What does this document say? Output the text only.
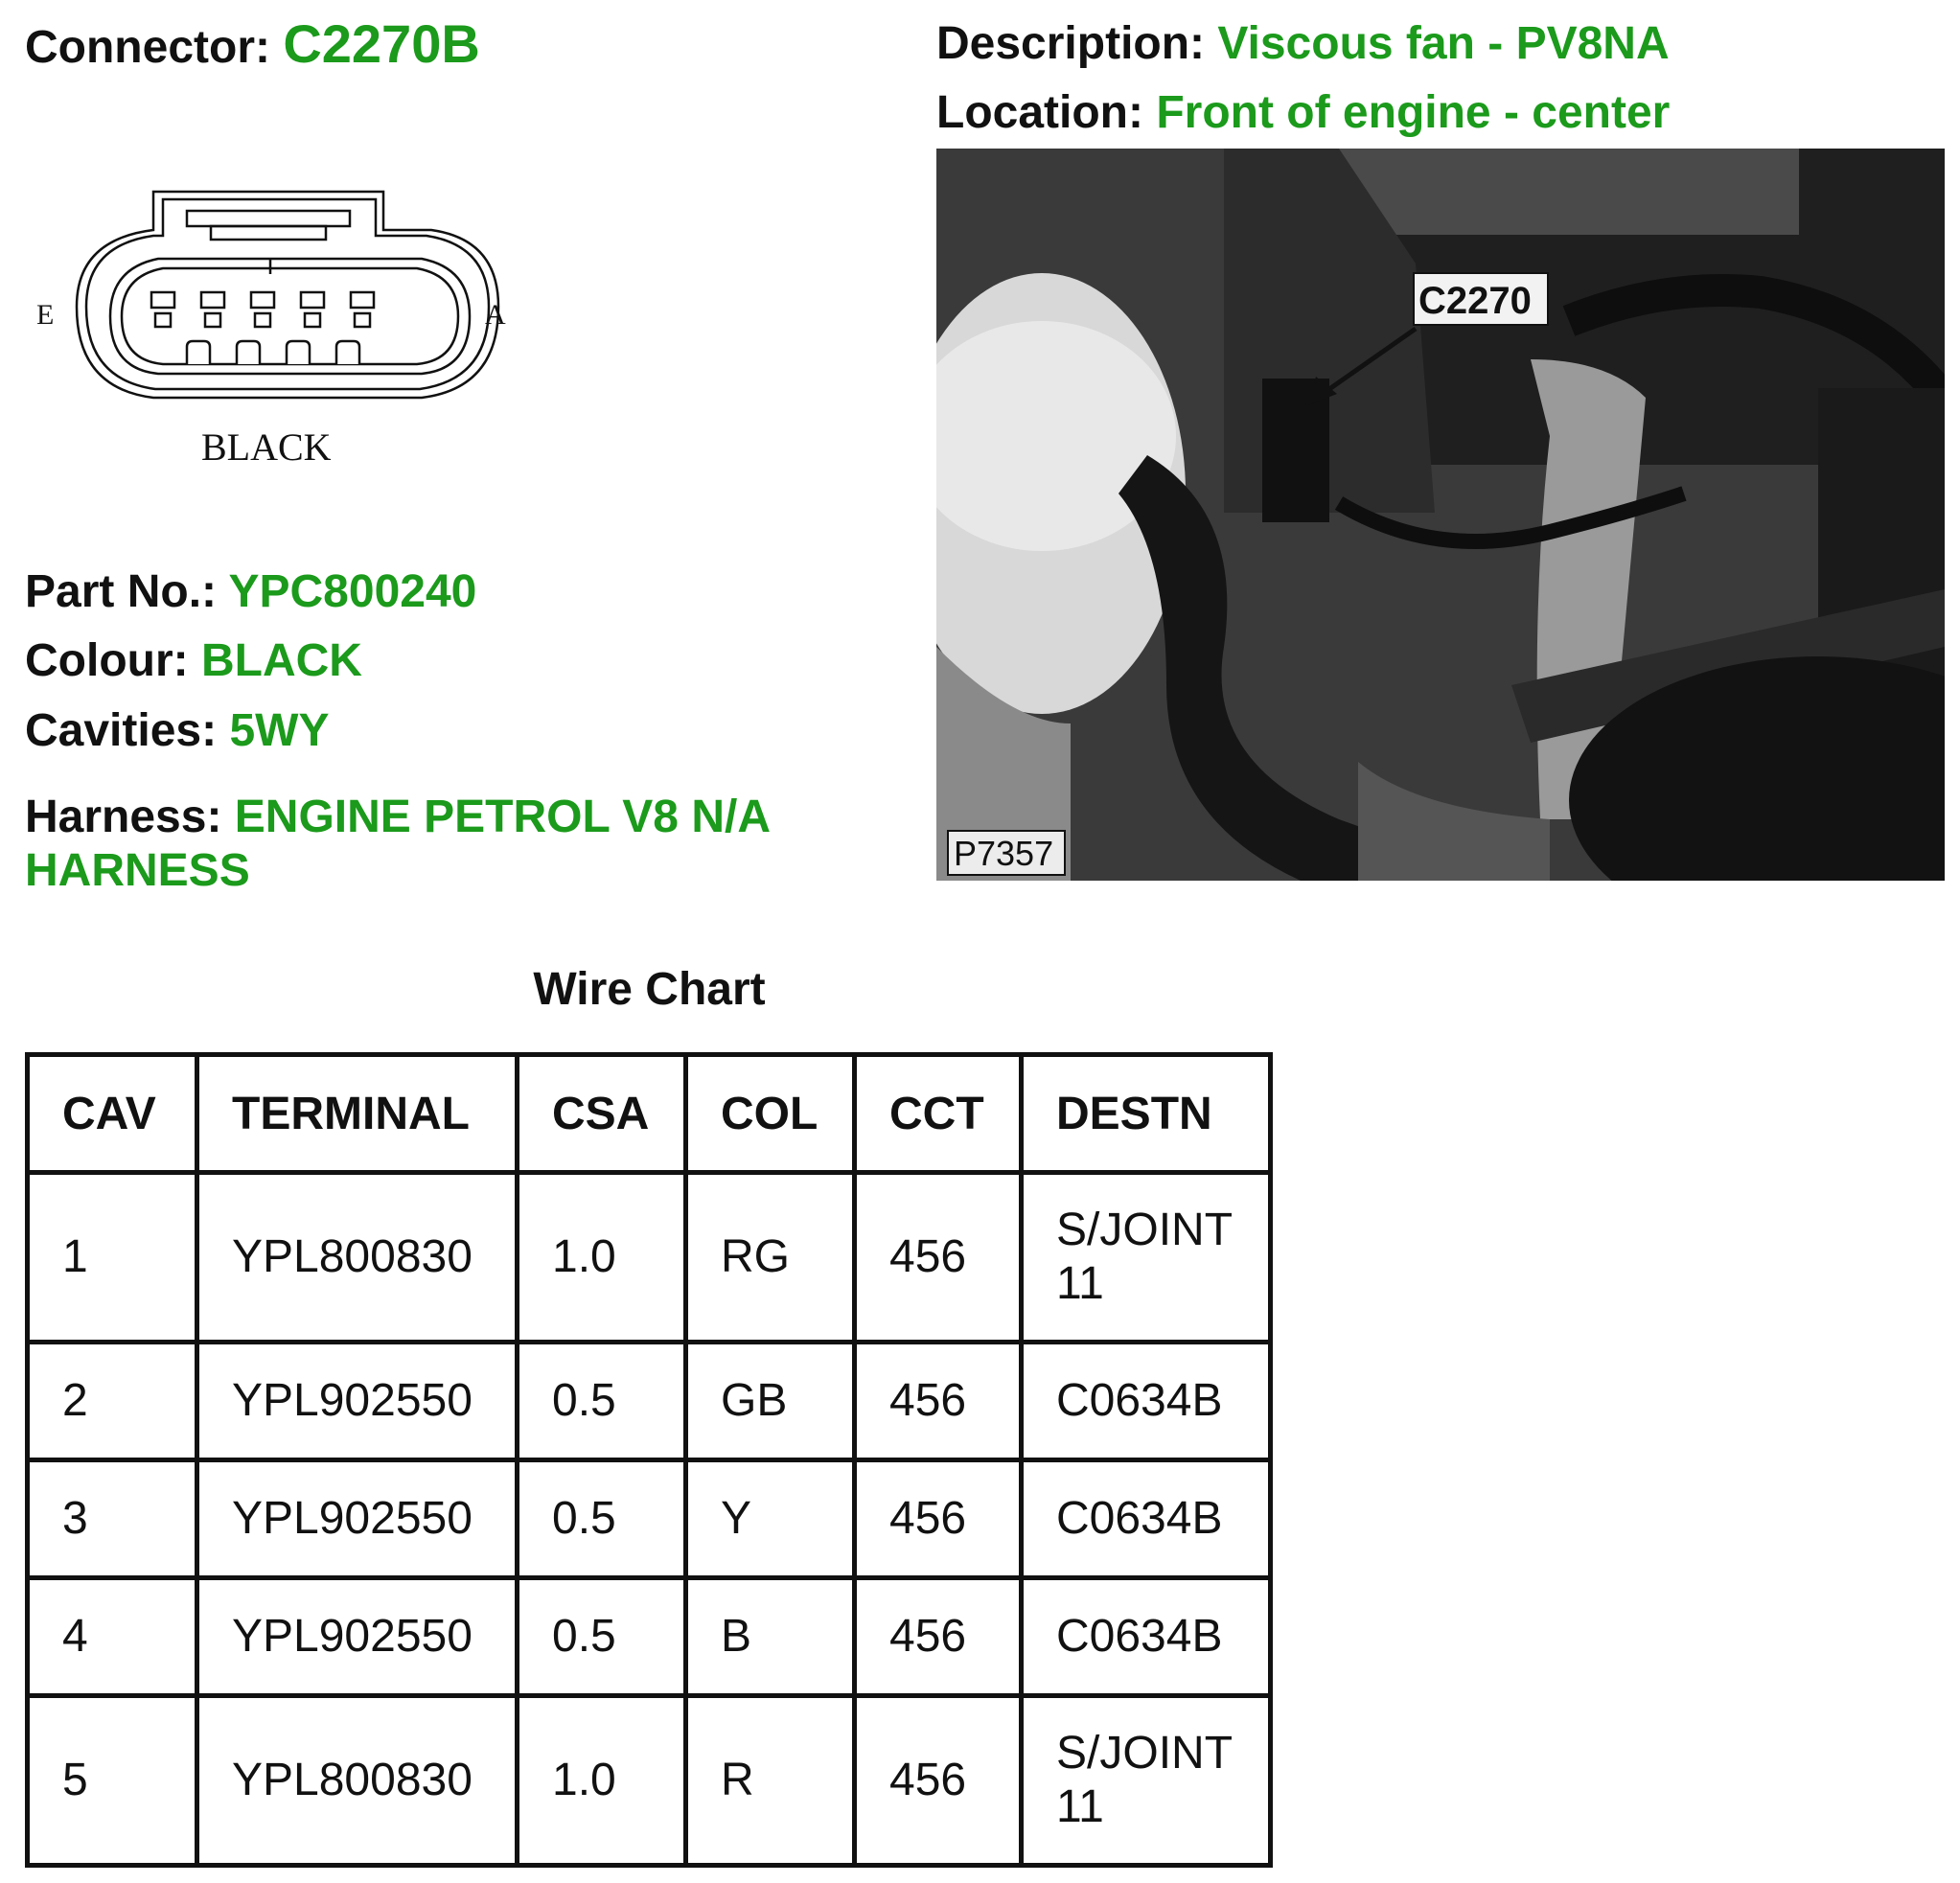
Connector: C2270B	Description: Viscous fan - PV8NA
Location: Front of engine - center
E	A
BLACK
C2270
P7357
Part No.: YPC800240
Colour: BLACK
Cavities: 5WY
Harness: ENGINE PETROL V8 N/A HARNESS
Wire Chart
CAV	TERMINAL	CSA	COL	CCT	DESTN
1	YPL800830	1.0	RG	456	S/JOINT 11
2	YPL902550	0.5	GB	456	C0634B
3	YPL902550	0.5	Y	456	C0634B
4	YPL902550	0.5	B	456	C0634B
5	YPL800830	1.0	R	456	S/JOINT 11
